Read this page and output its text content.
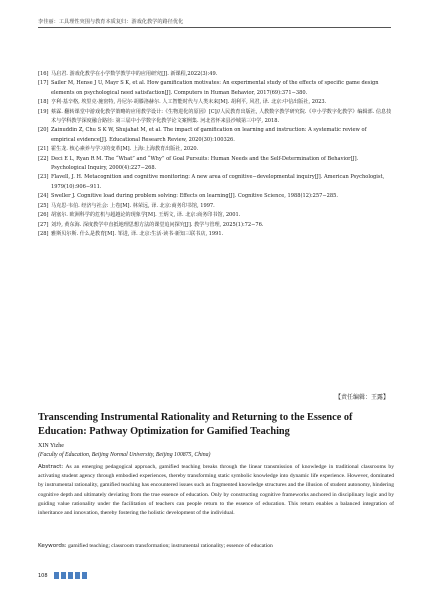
李佳丽：工具理性突围与教育本质复归：游戏化教学的路径优化
[16] 马启君. 游戏化教学在小学数学教学中的应用研究[J]. 新课程,2022(3):49.
[17] Sailer M, Hense J U, Mayr S K, et al. How gamification motivates: An experimental study of the effects of specific game design elements on psychological need satisfaction[J]. Computers in Human Behavior, 2017(69):371−380.
[18] 亨利·基辛格, 埃里克·施密特, 丹尼尔·胡滕洛赫尔. 人工智能时代与人类未来[M]. 胡利平, 风君, 译. 北京:中信出版社, 2023.
[19] 蔡霖. 翻转课堂中游戏化教学策略的应用教学设计:《生物进化的原因》[C]//人民教育出版社, 人教数字教学研究院.《中小学数字化教学》编辑部. 信息技术与学科教学深度融合路径: 第三届中小学数字化教学论文案例集. 河北省怀来县沙城第三中学, 2018.
[20] Zainuddin Z, Chu S K W, Shujahat M, et al. The impact of gamification on learning and instruction: A systematic review of empirical evidence[J]. Educational Research Review, 2020(30):100326.
[21] 霍生龙. 核心素养与学习的变革[M]. 上海:上海教育出版社, 2020.
[22] Deci E L, Ryan R M. The “What” and “Why” of Goal Pursuits: Human Needs and the Self-Determination of Behavior[J]. Psychological Inquiry, 2000(4):227−268.
[23] Flavell, J. H. Metacognition and cognitive monitoring: A new area of cognitive−developmental inquiry[J]. American Psychologist, 1979(10):906−911.
[24] Sweller J. Cognitive load during problem solving: Effects on learning[J]. Cognitive Science, 1988(12):257−285.
[25] 马克思·韦伯. 经济与社会: 上卷[M]. 林荣远, 译. 北京:商务印书馆, 1997.
[26] 胡塞尔. 欧洲科学的危机与超越论的现象学[M]. 王炳文, 译. 北京:商务印书馆, 2001.
[27] 刘玲, 黄东海. 深度教学中直抵地理思想方法的课堂追问探究[J]. 教学与管理, 2025(1):72−76.
[28] 雅斯贝尔斯. 什么是教育[M]. 邹进, 译. 北京:生活·读书·新知三联书店, 1991.
【责任编辑：王露】
Transcending Instrumental Rationality and Returning to the Essence of Education: Pathway Optimization for Gamified Teaching
XIN Yizhe
(Faculty of Education, Beijing Normal University, Beijing 100875, China)
Abstract: As an emerging pedagogical approach, gamified teaching breaks through the linear transmission of knowledge in traditional classrooms by activating student agency through embodied experiences, thereby transforming static symbolic knowledge into dynamic life experience. However, dominated by instrumental rationality, gamified teaching has encountered issues such as fragmented knowledge structures and the illusion of student autonomy, hindering cognitive depth and ultimately deviating from the true essence of education. Only by constructing cognitive frameworks anchored in disciplinary logic and by guiding value rationality under the facilitation of teachers can people return to the essence of education. This return enables a balanced integration of inheritance and innovation, thereby fostering the holistic development of the individual.
Keywords: gamified teaching; classroom transformation; instrumental rationality; essence of education
108
